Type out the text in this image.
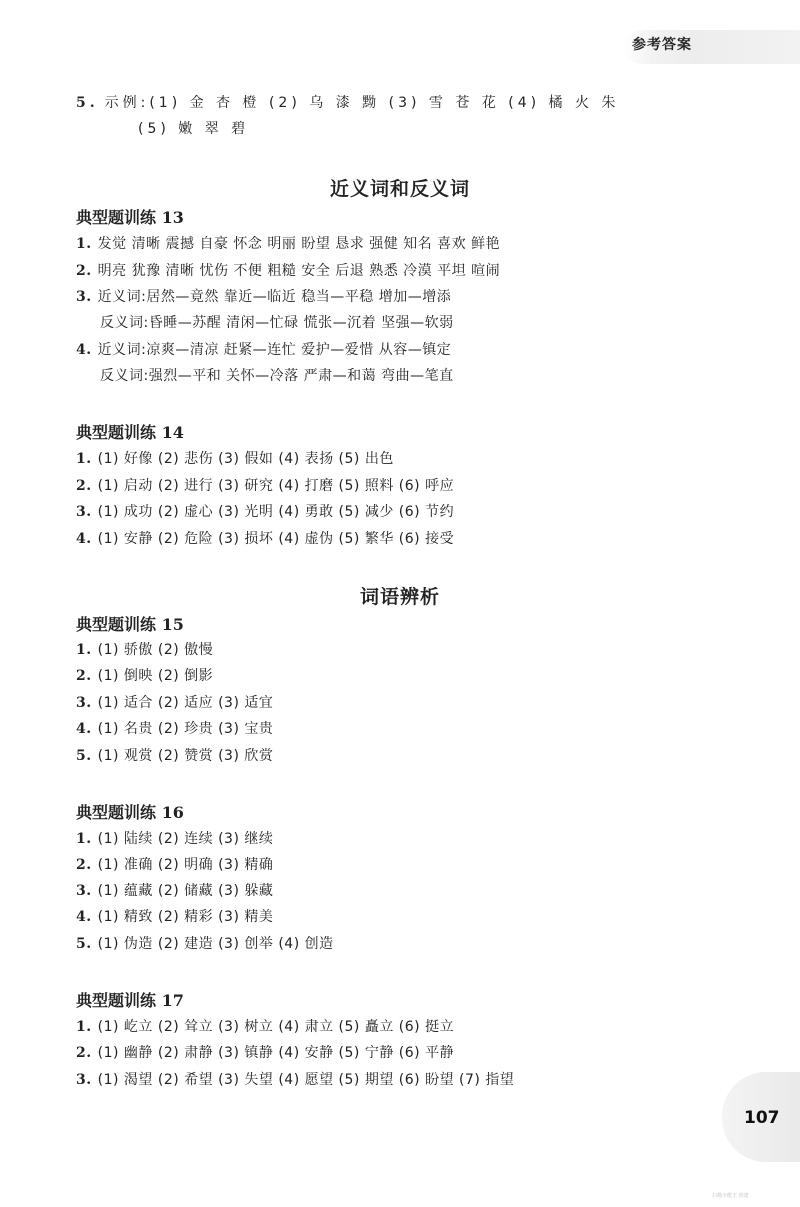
参考答案
5. 示例:(1) 金 杏 橙 (2) 乌 漆 黝 (3) 雪 苍 花 (4) 橘 火 朱
(5) 嫩 翠 碧
近义词和反义词
典型题训练 13
1. 发觉 清晰 震撼 自豪 怀念 明丽 盼望 恳求 强健 知名 喜欢 鲜艳
2. 明亮 犹豫 清晰 忧伤 不便 粗糙 安全 后退 熟悉 冷漠 平坦 喧闹
3. 近义词:居然—竟然 靠近—临近 稳当—平稳 增加—增添
反义词:昏睡—苏醒 清闲—忙碌 慌张—沉着 坚强—软弱
4. 近义词:凉爽—清凉 赶紧—连忙 爱护—爱惜 从容—镇定
反义词:强烈—平和 关怀—冷落 严肃—和蔼 弯曲—笔直
典型题训练 14
1. (1) 好像 (2) 悲伤 (3) 假如 (4) 表扬 (5) 出色
2. (1) 启动 (2) 进行 (3) 研究 (4) 打磨 (5) 照料 (6) 呼应
3. (1) 成功 (2) 虚心 (3) 光明 (4) 勇敢 (5) 减少 (6) 节约
4. (1) 安静 (2) 危险 (3) 损坏 (4) 虚伪 (5) 繁华 (6) 接受
词语辨析
典型题训练 15
1. (1) 骄傲 (2) 傲慢
2. (1) 倒映 (2) 倒影
3. (1) 适合 (2) 适应 (3) 适宜
4. (1) 名贵 (2) 珍贵 (3) 宝贵
5. (1) 观赏 (2) 赞赏 (3) 欣赏
典型题训练 16
1. (1) 陆续 (2) 连续 (3) 继续
2. (1) 准确 (2) 明确 (3) 精确
3. (1) 蕴藏 (2) 储藏 (3) 躲藏
4. (1) 精致 (2) 精彩 (3) 精美
5. (1) 伪造 (2) 建造 (3) 创举 (4) 创造
典型题训练 17
1. (1) 屹立 (2) 耸立 (3) 树立 (4) 肃立 (5) 矗立 (6) 挺立
2. (1) 幽静 (2) 肃静 (3) 镇静 (4) 安静 (5) 宁静 (6) 平静
3. (1) 渴望 (2) 希望 (3) 失望 (4) 愿望 (5) 期望 (6) 盼望 (7) 指望
107
扫描全能王 创建
